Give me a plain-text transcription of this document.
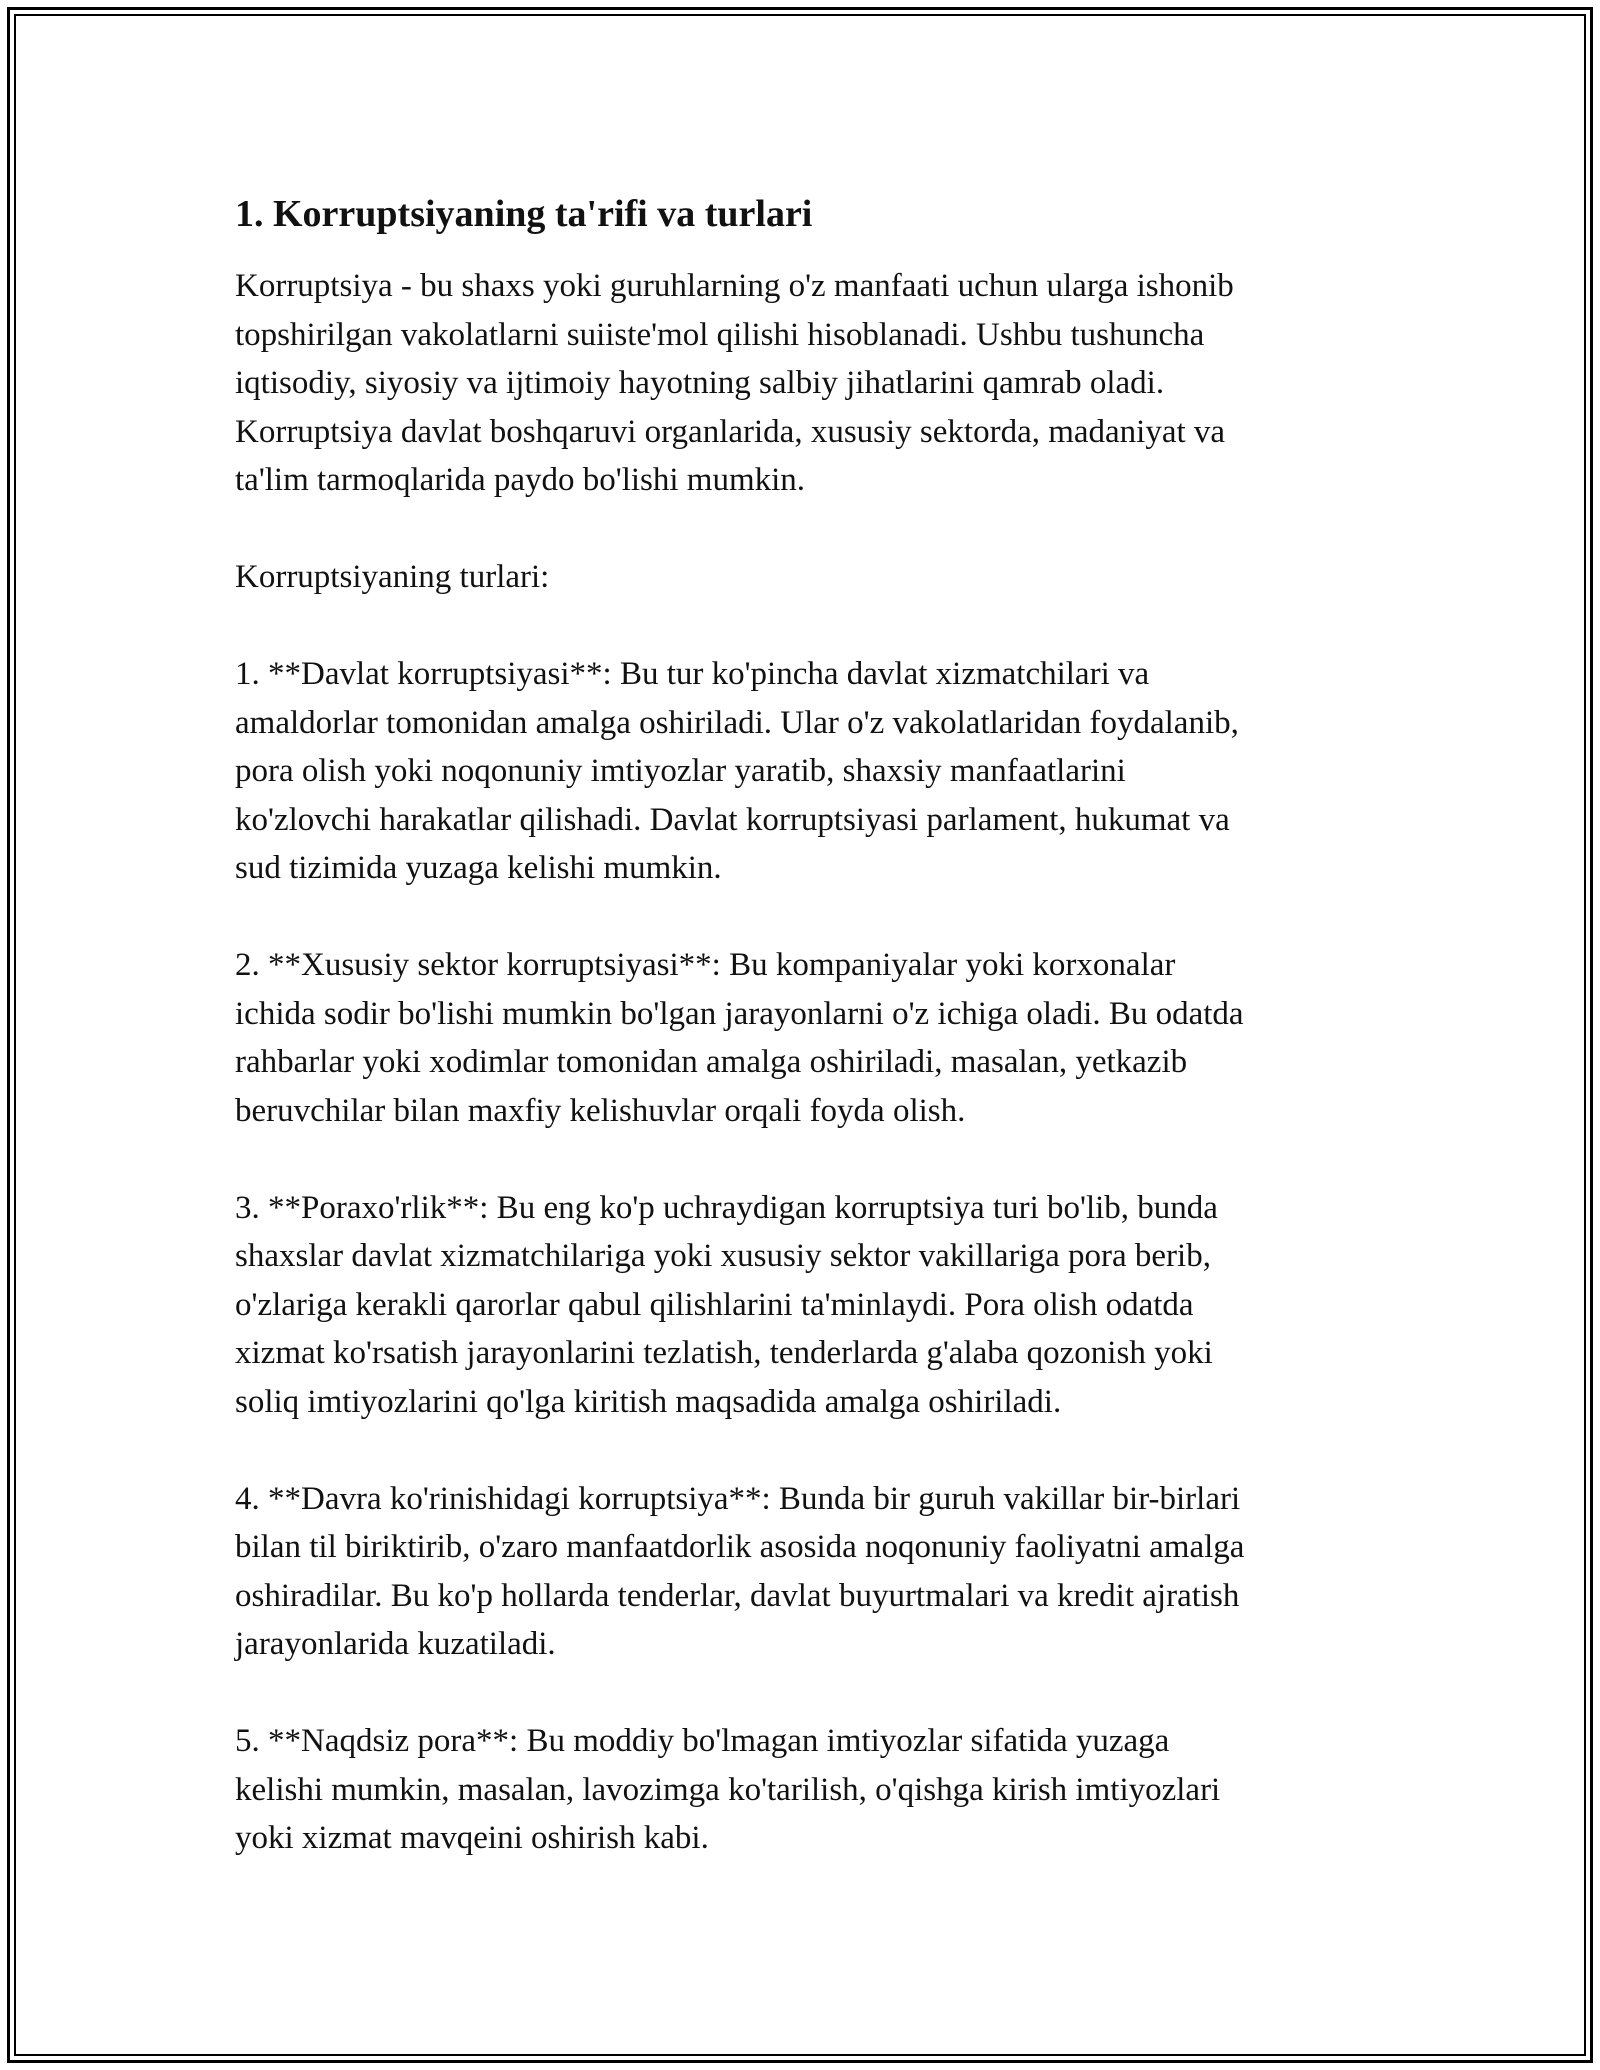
1. Korruptsiyaning ta'rifi va turlari
Korruptsiya - bu shaxs yoki guruhlarning o'z manfaati uchun ularga ishonib
topshirilgan vakolatlarni suiiste'mol qilishi hisoblanadi. Ushbu tushuncha
iqtisodiy, siyosiy va ijtimoiy hayotning salbiy jihatlarini qamrab oladi.
Korruptsiya davlat boshqaruvi organlarida, xususiy sektorda, madaniyat va
ta'lim tarmoqlarida paydo bo'lishi mumkin.
Korruptsiyaning turlari:
1. **Davlat korruptsiyasi**: Bu tur ko'pincha davlat xizmatchilari va
amaldorlar tomonidan amalga oshiriladi. Ular o'z vakolatlaridan foydalanib,
pora olish yoki noqonuniy imtiyozlar yaratib, shaxsiy manfaatlarini
ko'zlovchi harakatlar qilishadi. Davlat korruptsiyasi parlament, hukumat va
sud tizimida yuzaga kelishi mumkin.
2. **Xususiy sektor korruptsiyasi**: Bu kompaniyalar yoki korxonalar
ichida sodir bo'lishi mumkin bo'lgan jarayonlarni o'z ichiga oladi. Bu odatda
rahbarlar yoki xodimlar tomonidan amalga oshiriladi, masalan, yetkazib
beruvchilar bilan maxfiy kelishuvlar orqali foyda olish.
3. **Poraxo'rlik**: Bu eng ko'p uchraydigan korruptsiya turi bo'lib, bunda
shaxslar davlat xizmatchilariga yoki xususiy sektor vakillariga pora berib,
o'zlariga kerakli qarorlar qabul qilishlarini ta'minlaydi. Pora olish odatda
xizmat ko'rsatish jarayonlarini tezlatish, tenderlarda g'alaba qozonish yoki
soliq imtiyozlarini qo'lga kiritish maqsadida amalga oshiriladi.
4. **Davra ko'rinishidagi korruptsiya**: Bunda bir guruh vakillar bir-birlari
bilan til biriktirib, o'zaro manfaatdorlik asosida noqonuniy faoliyatni amalga
oshiradilar. Bu ko'p hollarda tenderlar, davlat buyurtmalari va kredit ajratish
jarayonlarida kuzatiladi.
5. **Naqdsiz pora**: Bu moddiy bo'lmagan imtiyozlar sifatida yuzaga
kelishi mumkin, masalan, lavozimga ko'tarilish, o'qishga kirish imtiyozlari
yoki xizmat mavqeini oshirish kabi.
